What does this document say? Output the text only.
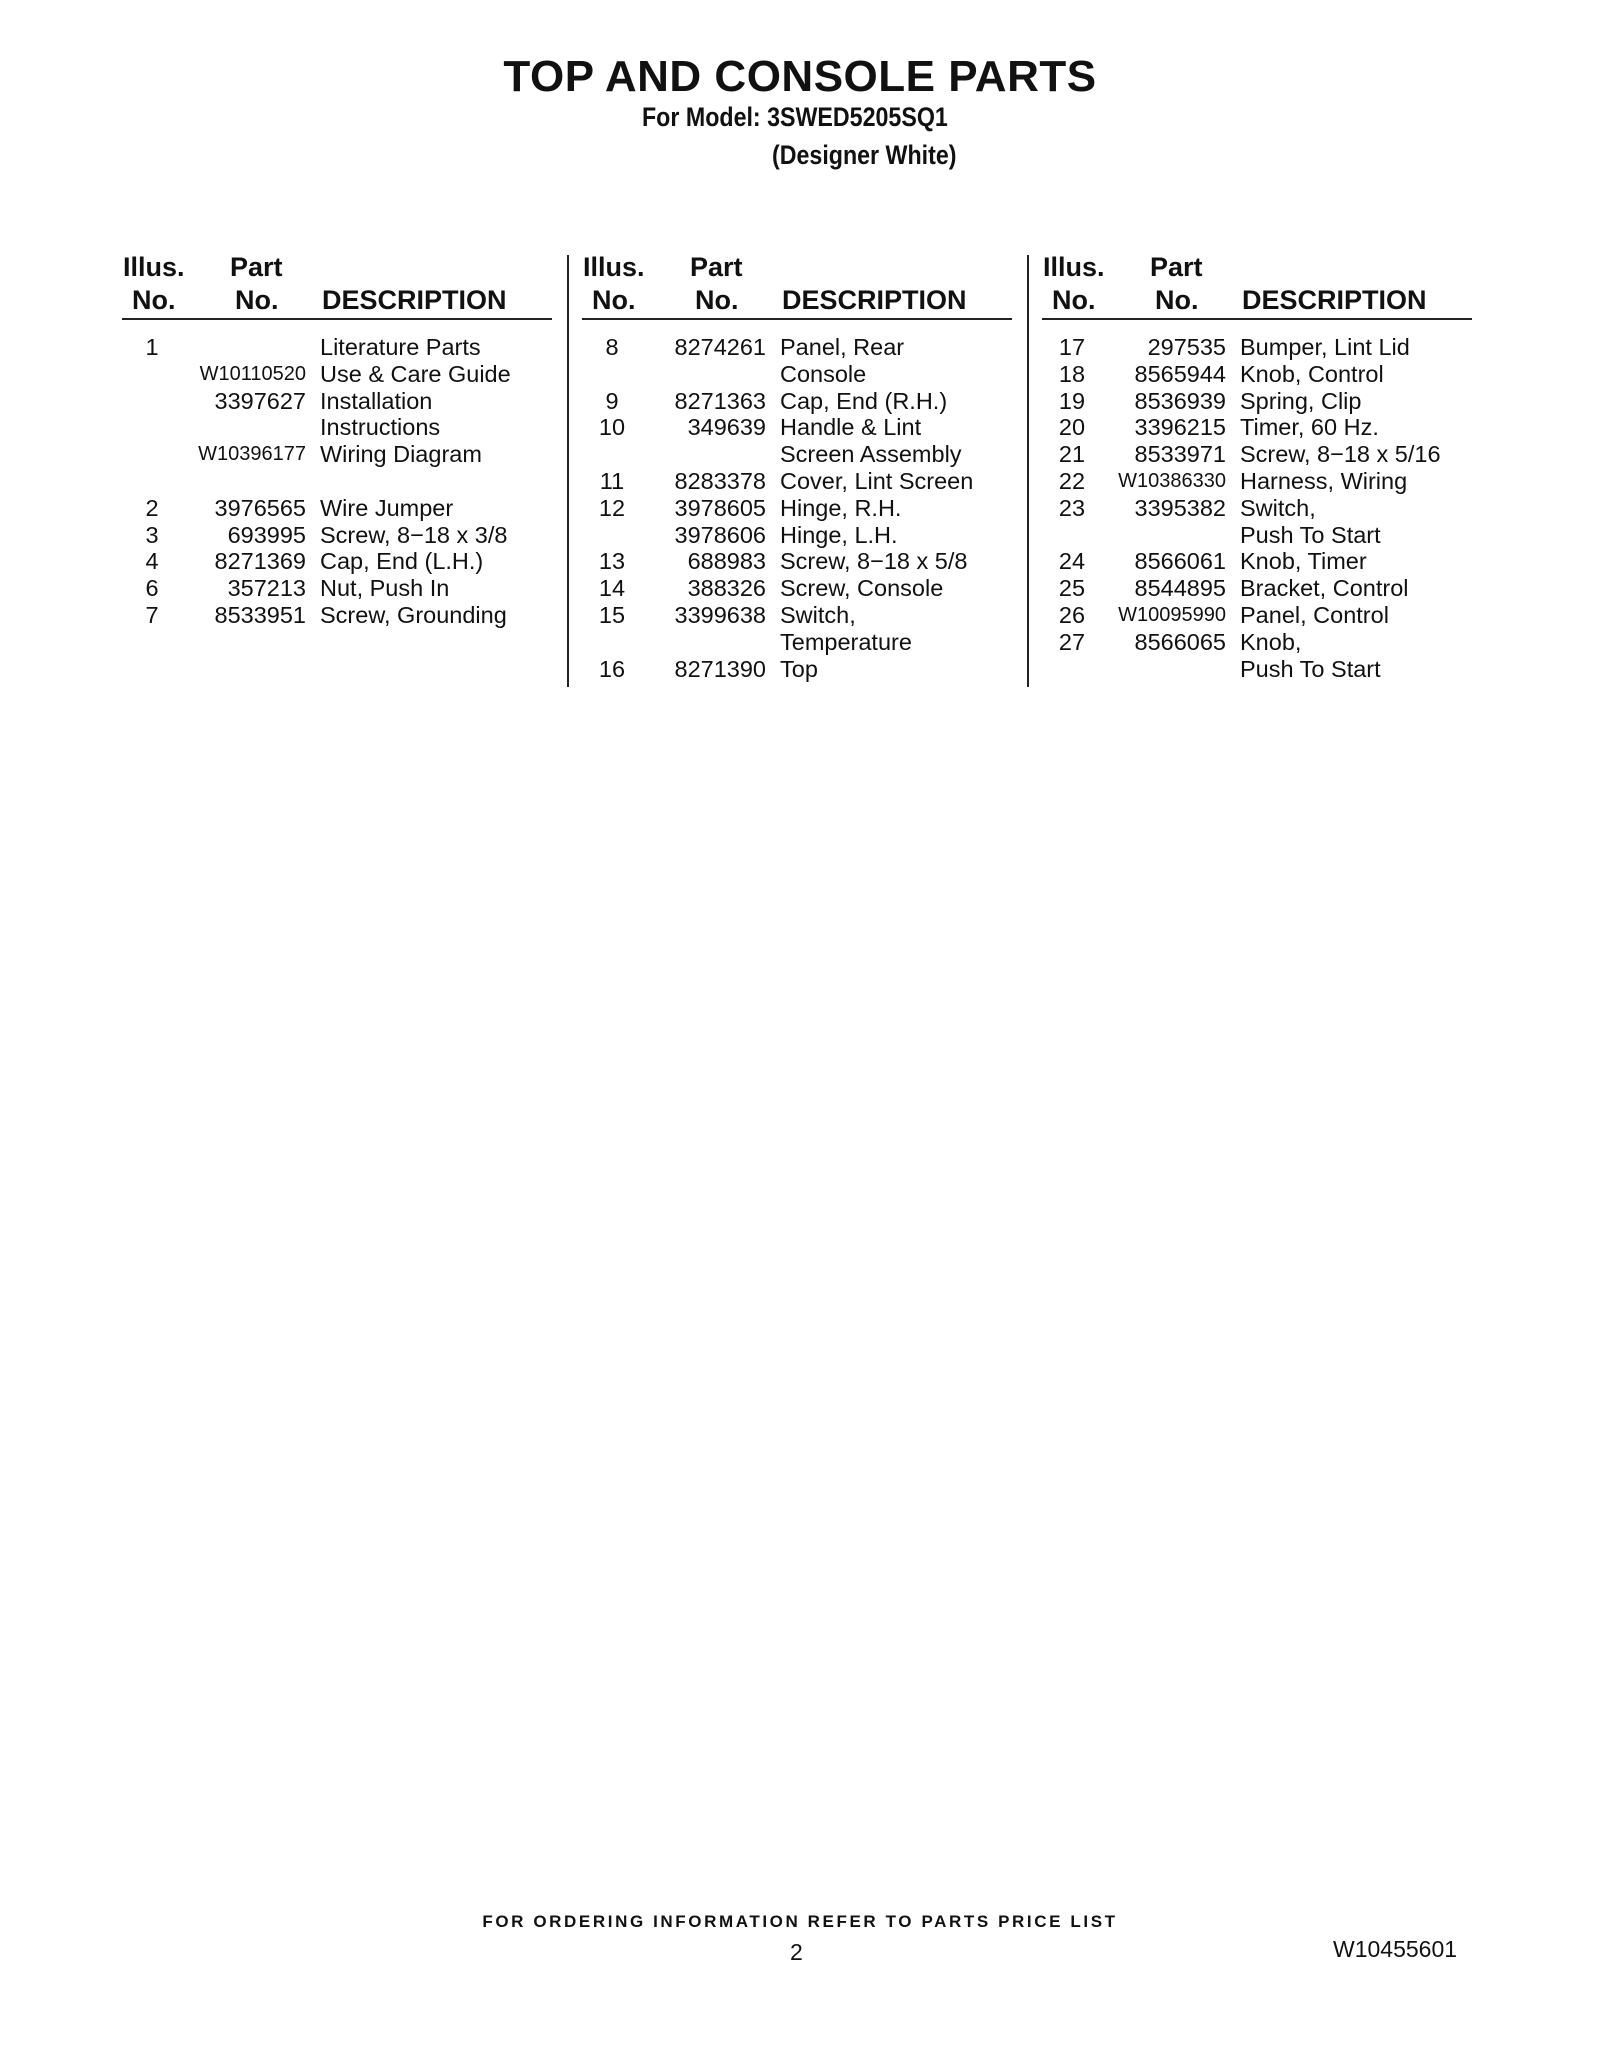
TOP AND CONSOLE PARTS
For Model: 3SWED5205SQ1
(Designer White)
Illus.
No.
Part
No. DESCRIPTION
1	Literature Parts
W10110520 Use & Care Guide
3397627 Installation
Instructions
W10396177 Wiring Diagram
2	3976565 Wire Jumper
3	693995 Screw, 8−18 x 3/8
4	8271369 Cap, End (L.H.)
6	357213 Nut, Push In
7	8533951 Screw, Grounding
Illus.
No.
Part
No. DESCRIPTION
8	8274261 Panel, Rear
Console
9	8271363 Cap, End (R.H.)
10	349639 Handle & Lint
Screen Assembly
11	8283378 Cover, Lint Screen
12	3978605 Hinge, R.H.
3978606 Hinge, L.H.
13	688983 Screw, 8−18 x 5/8
14	388326 Screw, Console
15	3399638 Switch,
Temperature
16	8271390 Top
Illus.
No.
Part
No. DESCRIPTION
17	297535 Bumper, Lint Lid
18	8565944 Knob, Control
19	8536939 Spring, Clip
20	3396215 Timer, 60 Hz.
21	8533971 Screw, 8−18 x 5/16
22	W10386330 Harness, Wiring
23	3395382 Switch,
Push To Start
24	8566061 Knob, Timer
25	8544895 Bracket, Control
26	W10095990 Panel, Control
27	8566065 Knob,
Push To Start
FOR ORDERING INFORMATION REFER TO PARTS PRICE LIST
2	W10455601
